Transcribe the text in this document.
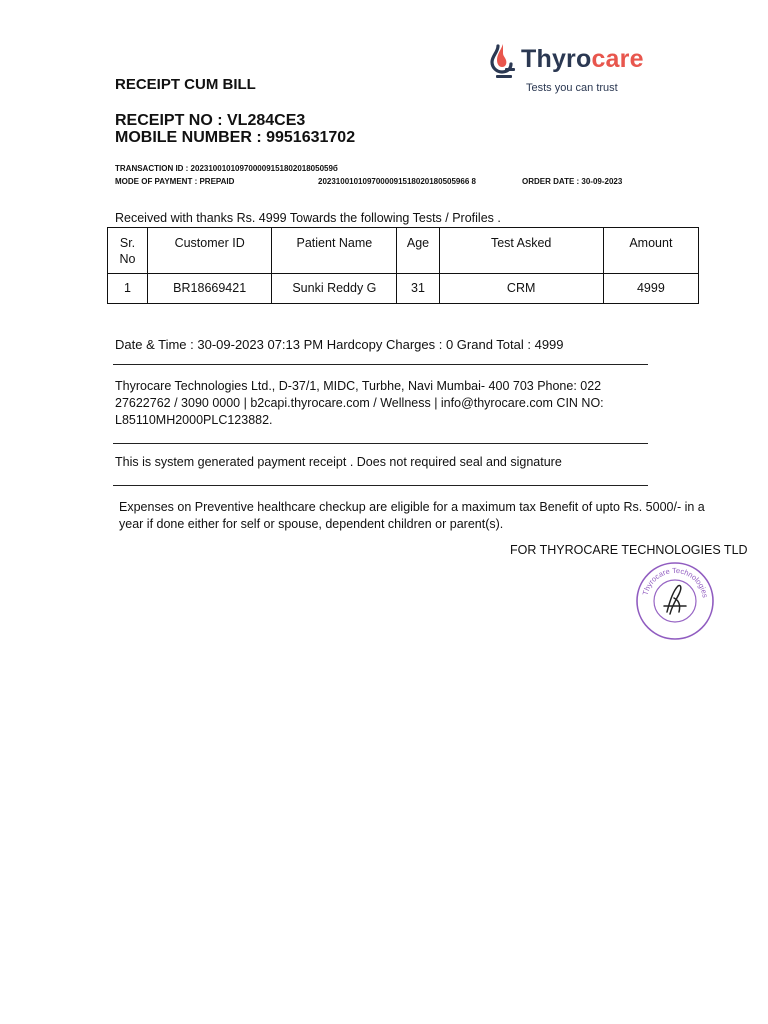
RECEIPT CUM BILL
RECEIPT NO : VL284CE3
MOBILE NUMBER : 9951631702
Thyrocare
Tests you can trust
TRANSACTION ID : 20231001010970000915180201805059б
MODE OF PAYMENT : PREPAID	2023100101097000091518020180505966 8	ORDER DATE : 30-09-2023
Received with thanks Rs. 4999 Towards the following Tests / Profiles .
Sr. No	Customer ID	Patient Name	Age	Test Asked	Amount
1	BR18669421	Sunki Reddy G	31	CRM	4999
Date & Time : 30-09-2023 07:13 PM Hardcopy Charges : 0 Grand Total : 4999
Thyrocare Technologies Ltd., D-37/1, MIDC, Turbhe, Navi Mumbai- 400 703 Phone: 022 27622762 / 3090 0000 | b2capi.thyrocare.com / Wellness | info@thyrocare.com CIN NO: L85110MH2000PLC123882.
This is system generated payment receipt . Does not required seal and signature
Expenses on Preventive healthcare checkup are eligible for a maximum tax Benefit of upto Rs. 5000/- in a year if done either for self or spouse, dependent children or parent(s).
FOR THYROCARE TECHNOLOGIES TLD
Thyrocare Technologies
